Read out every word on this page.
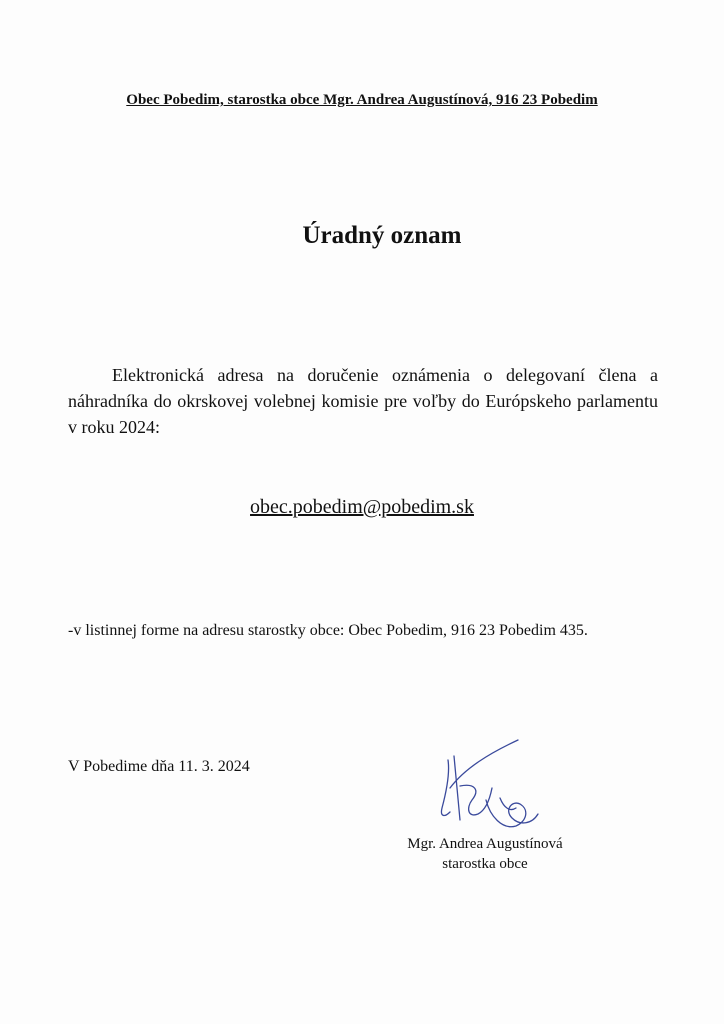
Obec Pobedim, starostka obce Mgr. Andrea Augustínová, 916 23 Pobedim
Úradný oznam
Elektronická adresa na doručenie oznámenia o delegovaní člena a náhradníka do okrskovej volebnej komisie pre voľby do Európskeho parlamentu v roku 2024:
obec.pobedim@pobedim.sk
-v listinnej forme na adresu starostky obce: Obec Pobedim, 916 23 Pobedim 435.
V Pobedime dňa 11. 3. 2024
Mgr. Andrea Augustínová
starostka obce
